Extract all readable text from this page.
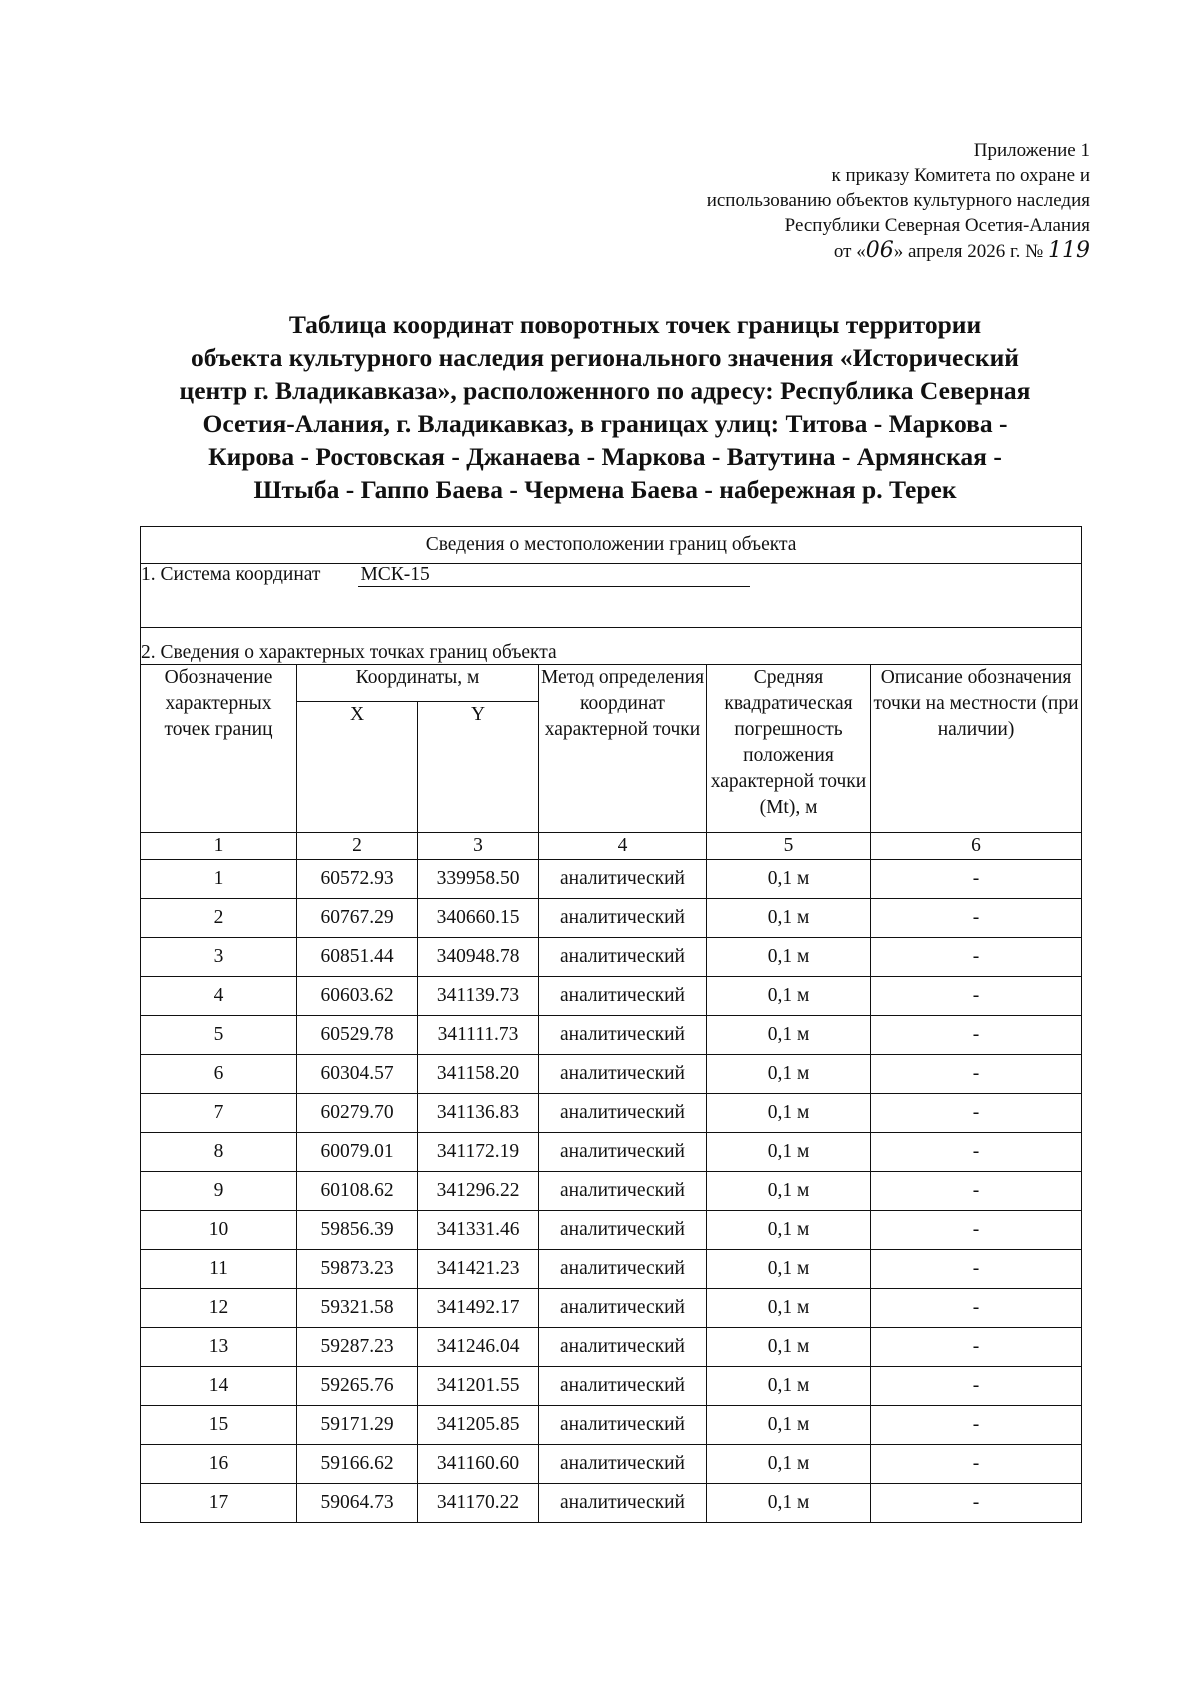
Приложение 1
к приказу Комитета по охране и
использованию объектов культурного наследия
Республики Северная Осетия-Алания
от «06» апреля 2026 г. № 119
Таблица координат поворотных точек границы территории
объекта культурного наследия регионального значения «Исторический
центр г. Владикавказа», расположенного по адресу: Республика Северная
Осетия-Алания, г. Владикавказ, в границах улиц: Титова - Маркова -
Кирова - Ростовская - Джанаева - Маркова - Ватутина - Армянская -
Штыба - Гаппо Баева - Чермена Баева - набережная р. Терек
Сведения о местоположении границ объекта					
1. Система координат МСК-15					
2. Сведения о характерных точках границ объекта					
Обозначение характерных точек границ	Координаты, м		Метод определения координат характерной точки	Средняя квадратическая погрешность положения характерной точки (Mt), м	Описание обозначения точки на местности (при наличии)
	X	Y			
1	2	3	4	5	6
1	60572.93	339958.50	аналитический	0,1 м	-
2	60767.29	340660.15	аналитический	0,1 м	-
3	60851.44	340948.78	аналитический	0,1 м	-
4	60603.62	341139.73	аналитический	0,1 м	-
5	60529.78	341111.73	аналитический	0,1 м	-
6	60304.57	341158.20	аналитический	0,1 м	-
7	60279.70	341136.83	аналитический	0,1 м	-
8	60079.01	341172.19	аналитический	0,1 м	-
9	60108.62	341296.22	аналитический	0,1 м	-
10	59856.39	341331.46	аналитический	0,1 м	-
11	59873.23	341421.23	аналитический	0,1 м	-
12	59321.58	341492.17	аналитический	0,1 м	-
13	59287.23	341246.04	аналитический	0,1 м	-
14	59265.76	341201.55	аналитический	0,1 м	-
15	59171.29	341205.85	аналитический	0,1 м	-
16	59166.62	341160.60	аналитический	0,1 м	-
17	59064.73	341170.22	аналитический	0,1 м	-
